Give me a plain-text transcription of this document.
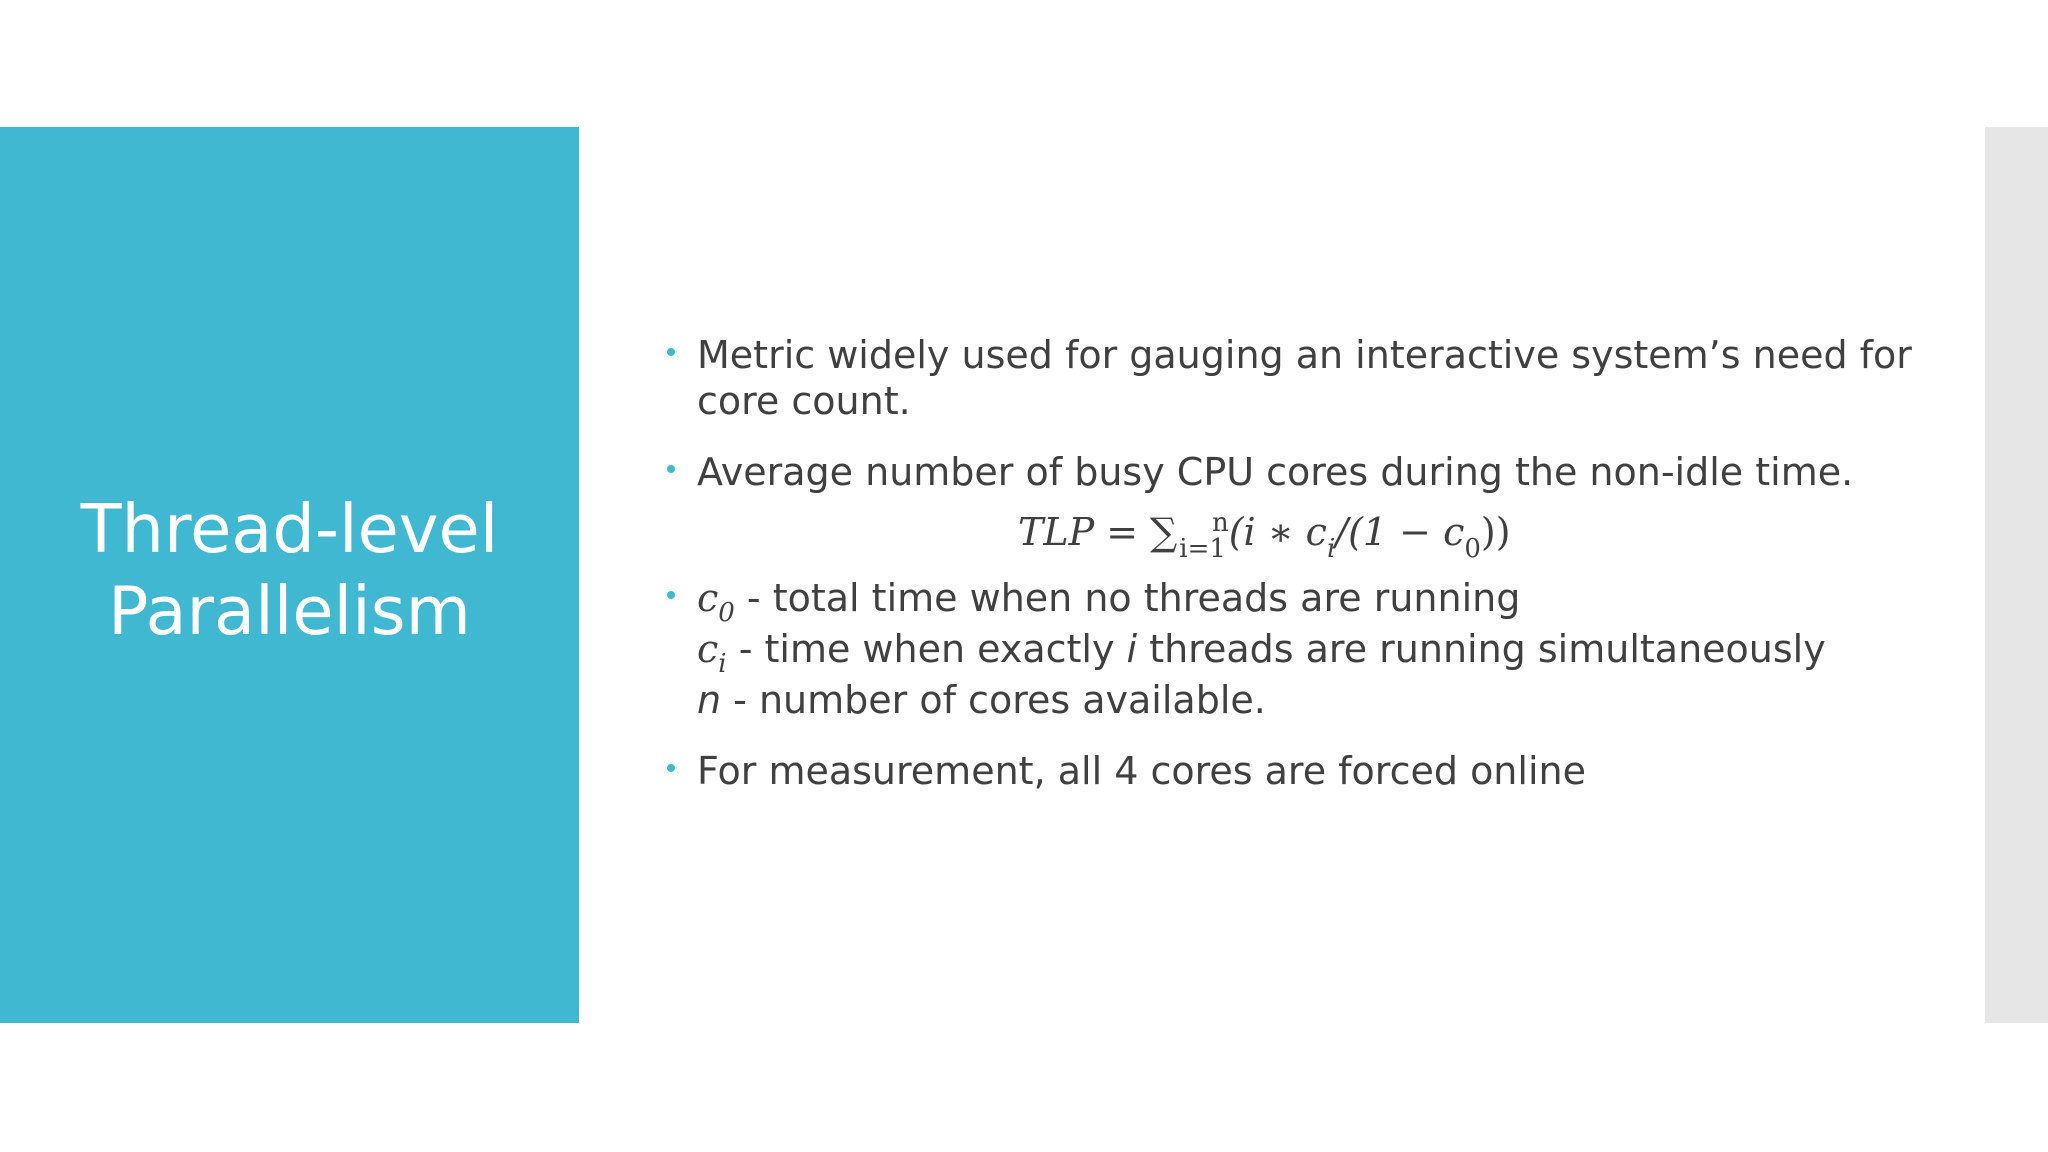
Thread-level
Parallelism
Metric widely used for gauging an interactive system’s need for
core count.
Average number of busy CPU cores during the non-idle time.
TLP = $\sum_{i=1}^n(i$ ∗ $c_i/(1 - c_0)$)
$c_0$ - total time when no threads are running
$c_i$ - time when exactly i threads are running simultaneously
n - number of cores available.
For measurement, all 4 cores are forced online
